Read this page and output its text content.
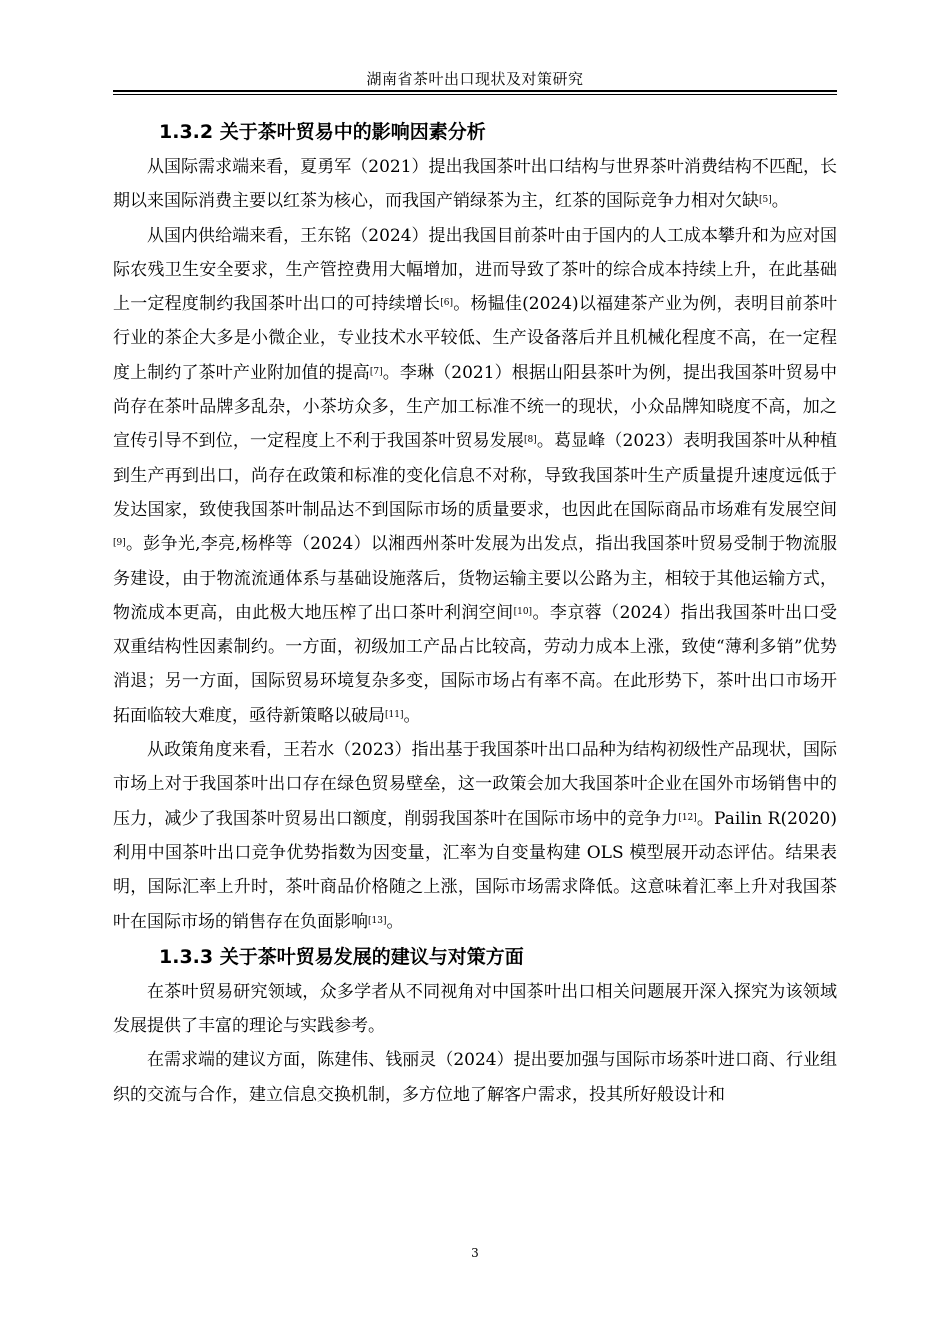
湖南省茶叶出口现状及对策研究
1.3.2 关于茶叶贸易中的影响因素分析

从国际需求端来看，夏勇军（2021）提出我国茶叶出口结构与世界茶叶消费结构不匹配，长期以来国际消费主要以红茶为核心，而我国产销绿茶为主，红茶的国际竞争力相对欠缺[5]。

从国内供给端来看，王东铭（2024）提出我国目前茶叶由于国内的人工成本攀升和为应对国际农残卫生安全要求，生产管控费用大幅增加，进而导致了茶叶的综合成本持续上升，在此基础上一定程度制约我国茶叶出口的可持续增长[6]。杨韫佳(2024)以福建茶产业为例，表明目前茶叶行业的茶企大多是小微企业，专业技术水平较低、生产设备落后并且机械化程度不高，在一定程度上制约了茶叶产业附加值的提高[7]。李琳（2021）根据山阳县茶叶为例，提出我国茶叶贸易中尚存在茶叶品牌多乱杂，小茶坊众多，生产加工标准不统一的现状，小众品牌知晓度不高，加之宣传引导不到位，一定程度上不利于我国茶叶贸易发展[8]。葛显峰（2023）表明我国茶叶从种植到生产再到出口，尚存在政策和标准的变化信息不对称，导致我国茶叶生产质量提升速度远低于发达国家，致使我国茶叶制品达不到国际市场的质量要求，也因此在国际商品市场难有发展空间[9]。彭争光,李亮,杨桦等（2024）以湘西州茶叶发展为出发点，指出我国茶叶贸易受制于物流服务建设，由于物流流通体系与基础设施落后，货物运输主要以公路为主，相较于其他运输方式，物流成本更高，由此极大地压榨了出口茶叶利润空间[10]。李京蓉（2024）指出我国茶叶出口受双重结构性因素制约。一方面，初级加工产品占比较高，劳动力成本上涨，致使“薄利多销”优势消退；另一方面，国际贸易环境复杂多变，国际市场占有率不高。在此形势下，茶叶出口市场开拓面临较大难度，亟待新策略以破局[11]。

从政策角度来看，王若水（2023）指出基于我国茶叶出口品种为结构初级性产品现状，国际市场上对于我国茶叶出口存在绿色贸易壁垒，这一政策会加大我国茶叶企业在国外市场销售中的压力，减少了我国茶叶贸易出口额度，削弱我国茶叶在国际市场中的竞争力[12]。Pailin R(2020)利用中国茶叶出口竞争优势指数为因变量，汇率为自变量构建 OLS 模型展开动态评估。结果表明，国际汇率上升时，茶叶商品价格随之上涨，国际市场需求降低。这意味着汇率上升对我国茶叶在国际市场的销售存在负面影响[13]。

1.3.3 关于茶叶贸易发展的建议与对策方面

在茶叶贸易研究领域，众多学者从不同视角对中国茶叶出口相关问题展开深入探究为该领域发展提供了丰富的理论与实践参考。

在需求端的建议方面，陈建伟、钱丽灵（2024）提出要加强与国际市场茶叶进口商、行业组织的交流与合作，建立信息交换机制，多方位地了解客户需求，投其所好般设计和

3
